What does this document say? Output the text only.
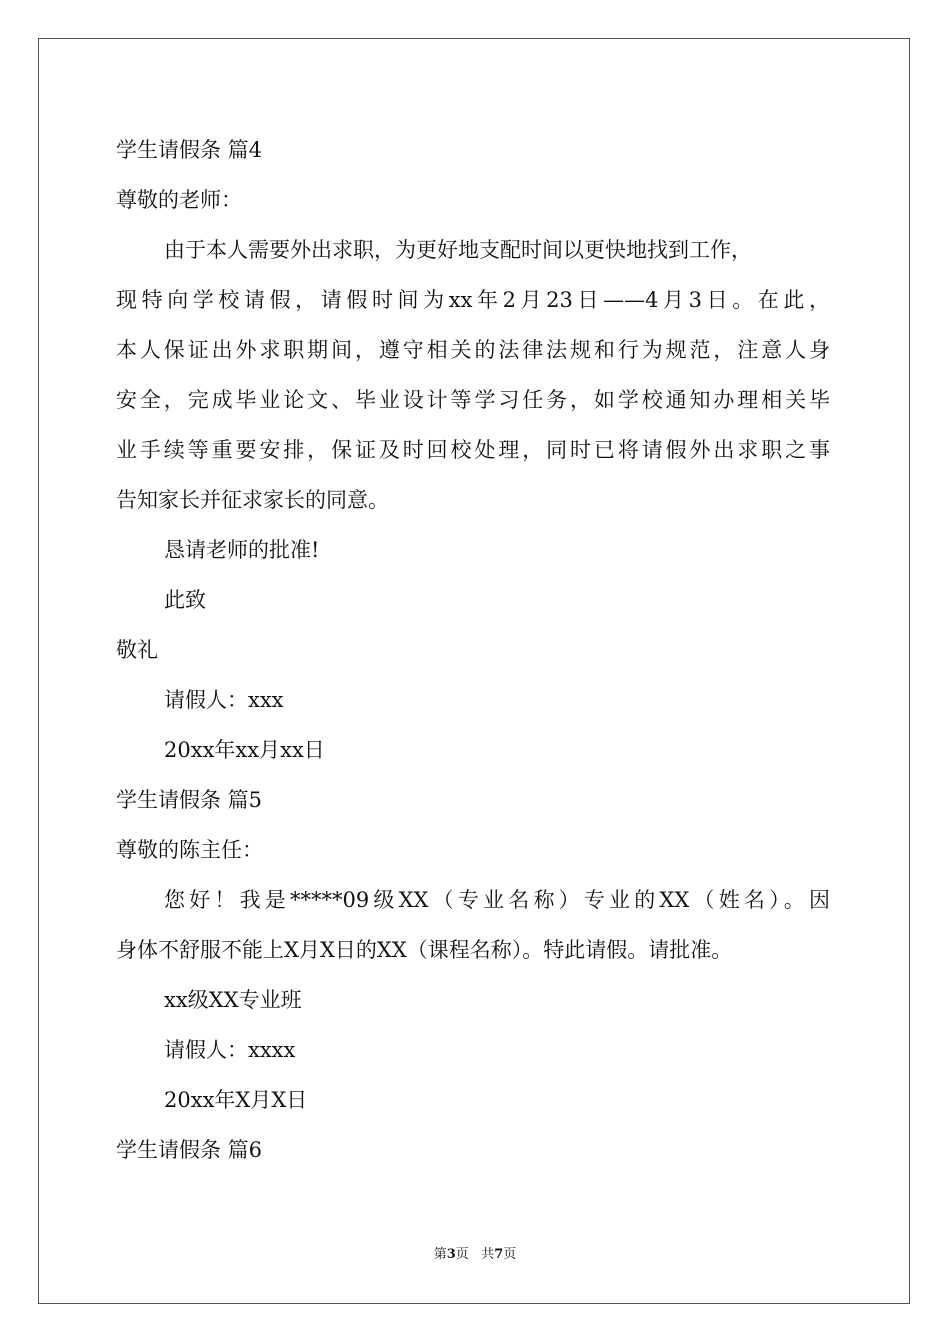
学生请假条 篇4
尊敬的老师：
由于本人需要外出求职，为更好地支配时间以更快地找到工作，
现特向学校请假，请假时间为xx年2月23日——4月3日。在此，
本人保证出外求职期间，遵守相关的法律法规和行为规范，注意人身
安全，完成毕业论文、毕业设计等学习任务，如学校通知办理相关毕
业手续等重要安排，保证及时回校处理，同时已将请假外出求职之事
告知家长并征求家长的同意。
恳请老师的批准!
此致
敬礼
请假人：xxx
20xx年xx月xx日
学生请假条 篇5
尊敬的陈主任：
您好！我是*****09级XX（专业名称）专业的XX（姓名）。因
身体不舒服不能上X月X日的XX（课程名称）。特此请假。请批准。
xx级XX专业班
请假人：xxxx
20xx年X月X日
学生请假条 篇6
第3页 共7页
